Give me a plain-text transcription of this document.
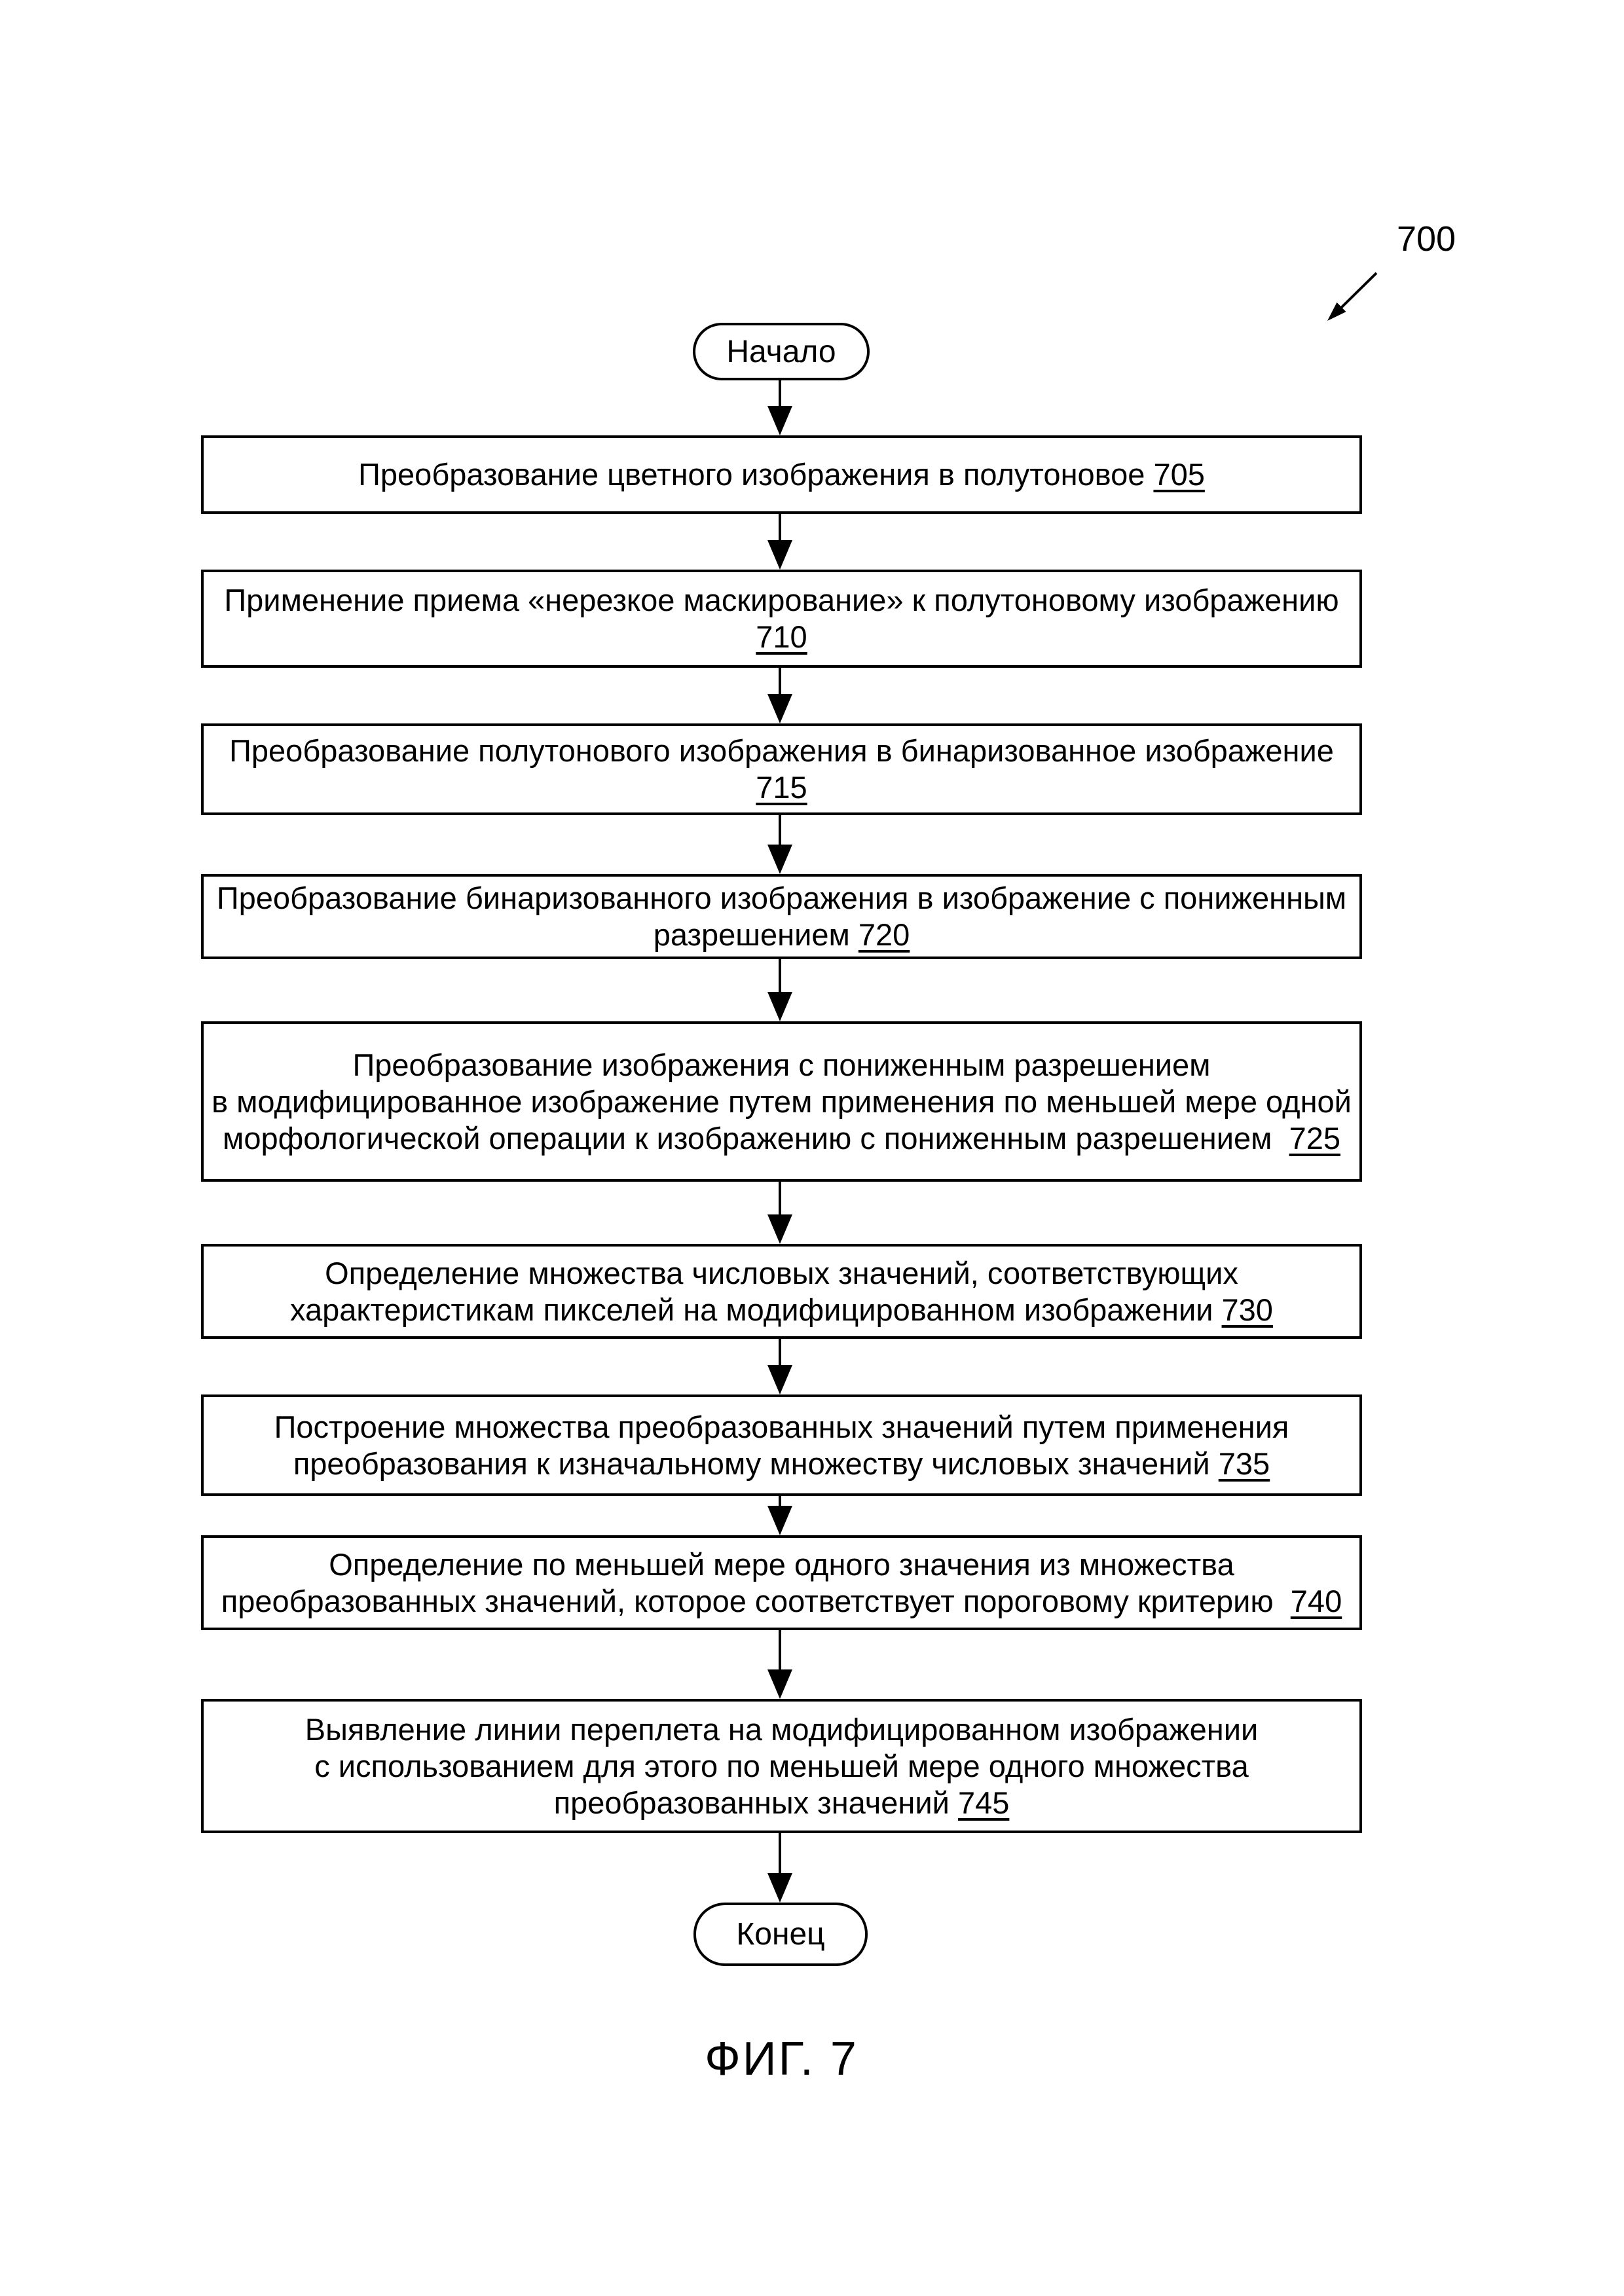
700
Начало
Преобразование цветного изображения в полутоновое 705
Применение приема «нерезкое маскирование» к полутоновому изображению
710
Преобразование полутонового изображения в бинаризованное изображение
715
Преобразование бинаризованного изображения в изображение с пониженным
разрешением 720
Преобразование изображения с пониженным разрешением
в модифицированное изображение путем применения по меньшей мере одной
морфологической операции к изображению с пониженным разрешением  725
Определение множества числовых значений, соответствующих
характеристикам пикселей на модифицированном изображении 730
Построение множества преобразованных значений путем применения
преобразования к изначальному множеству числовых значений 735
Определение по меньшей мере одного значения из множества
преобразованных значений, которое соответствует пороговому критерию  740
Выявление линии переплета на модифицированном изображении
с использованием для этого по меньшей мере одного множества
преобразованных значений 745
Конец
ФИГ. 7
